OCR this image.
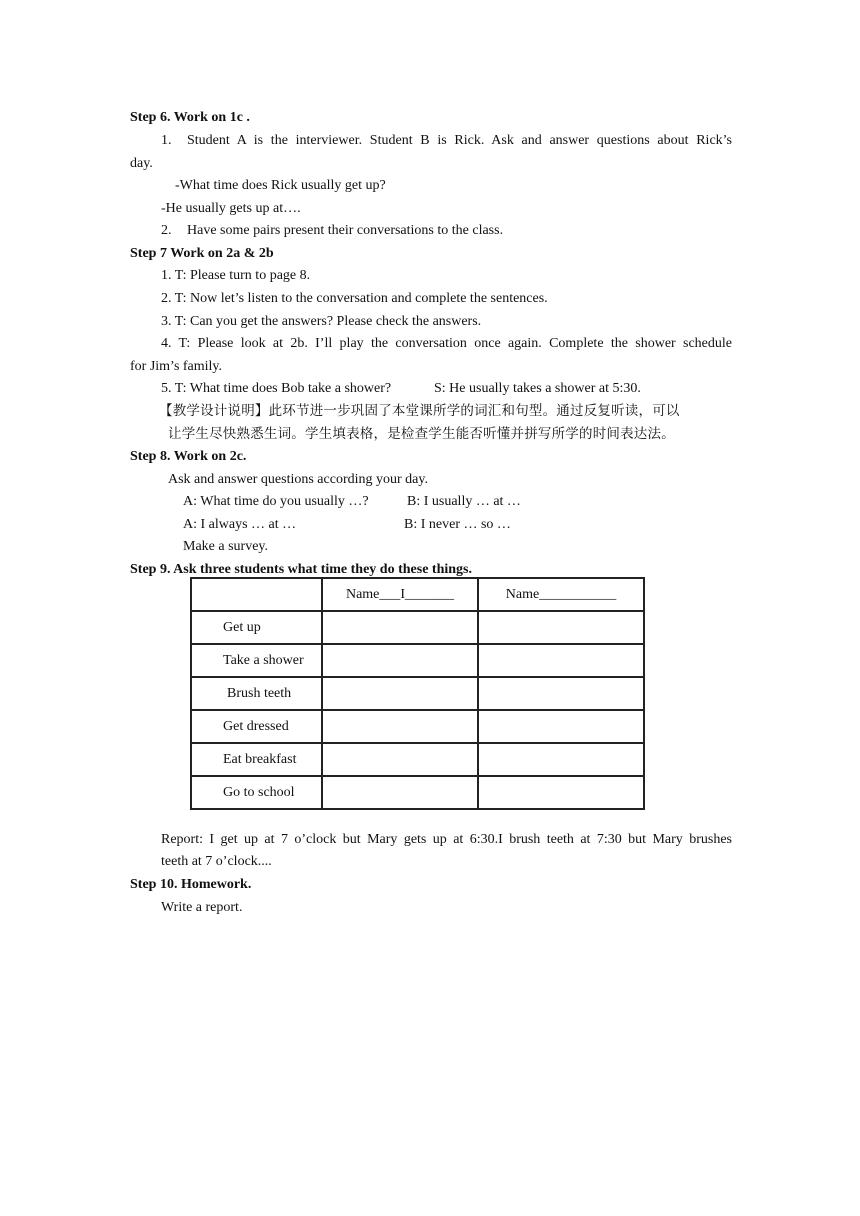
Step 6. Work on 1c .
1. Student A is the interviewer. Student B is Rick. Ask and answer questions about Rick’s
day.
-What time does Rick usually get up?
-He usually gets up at….
2. Have some pairs present their conversations to the class.
Step 7 Work on 2a & 2b
1. T: Please turn to page 8.
2. T: Now let’s listen to the conversation and complete the sentences.
3. T: Can you get the answers? Please check the answers.
4. T: Please look at 2b. I’ll play the conversation once again. Complete the shower schedule
for Jim’s family.
5. T: What time does Bob take a shower?	S: He usually takes a shower at 5:30.
【教学设计说明】此环节进一步巩固了本堂课所学的词汇和句型。通过反复听读，可以
让学生尽快熟悉生词。学生填表格，是检查学生能否听懂并拼写所学的时间表达法。
Step 8. Work on 2c.
Ask and answer questions according your day.
A: What time do you usually …?	B: I usually … at …
A: I always … at …	B: I never … so …
Make a survey.
Step 9. Ask three students what time they do these things.
	Name___I_______	Name___________
Get up		
Take a shower		
Brush teeth		
Get dressed		
Eat breakfast		
Go to school		
Report: I get up at 7 o’clock but Mary gets up at 6:30.I brush teeth at 7:30 but Mary brushes
teeth at 7 o’clock....
Step 10. Homework.
Write a report.
